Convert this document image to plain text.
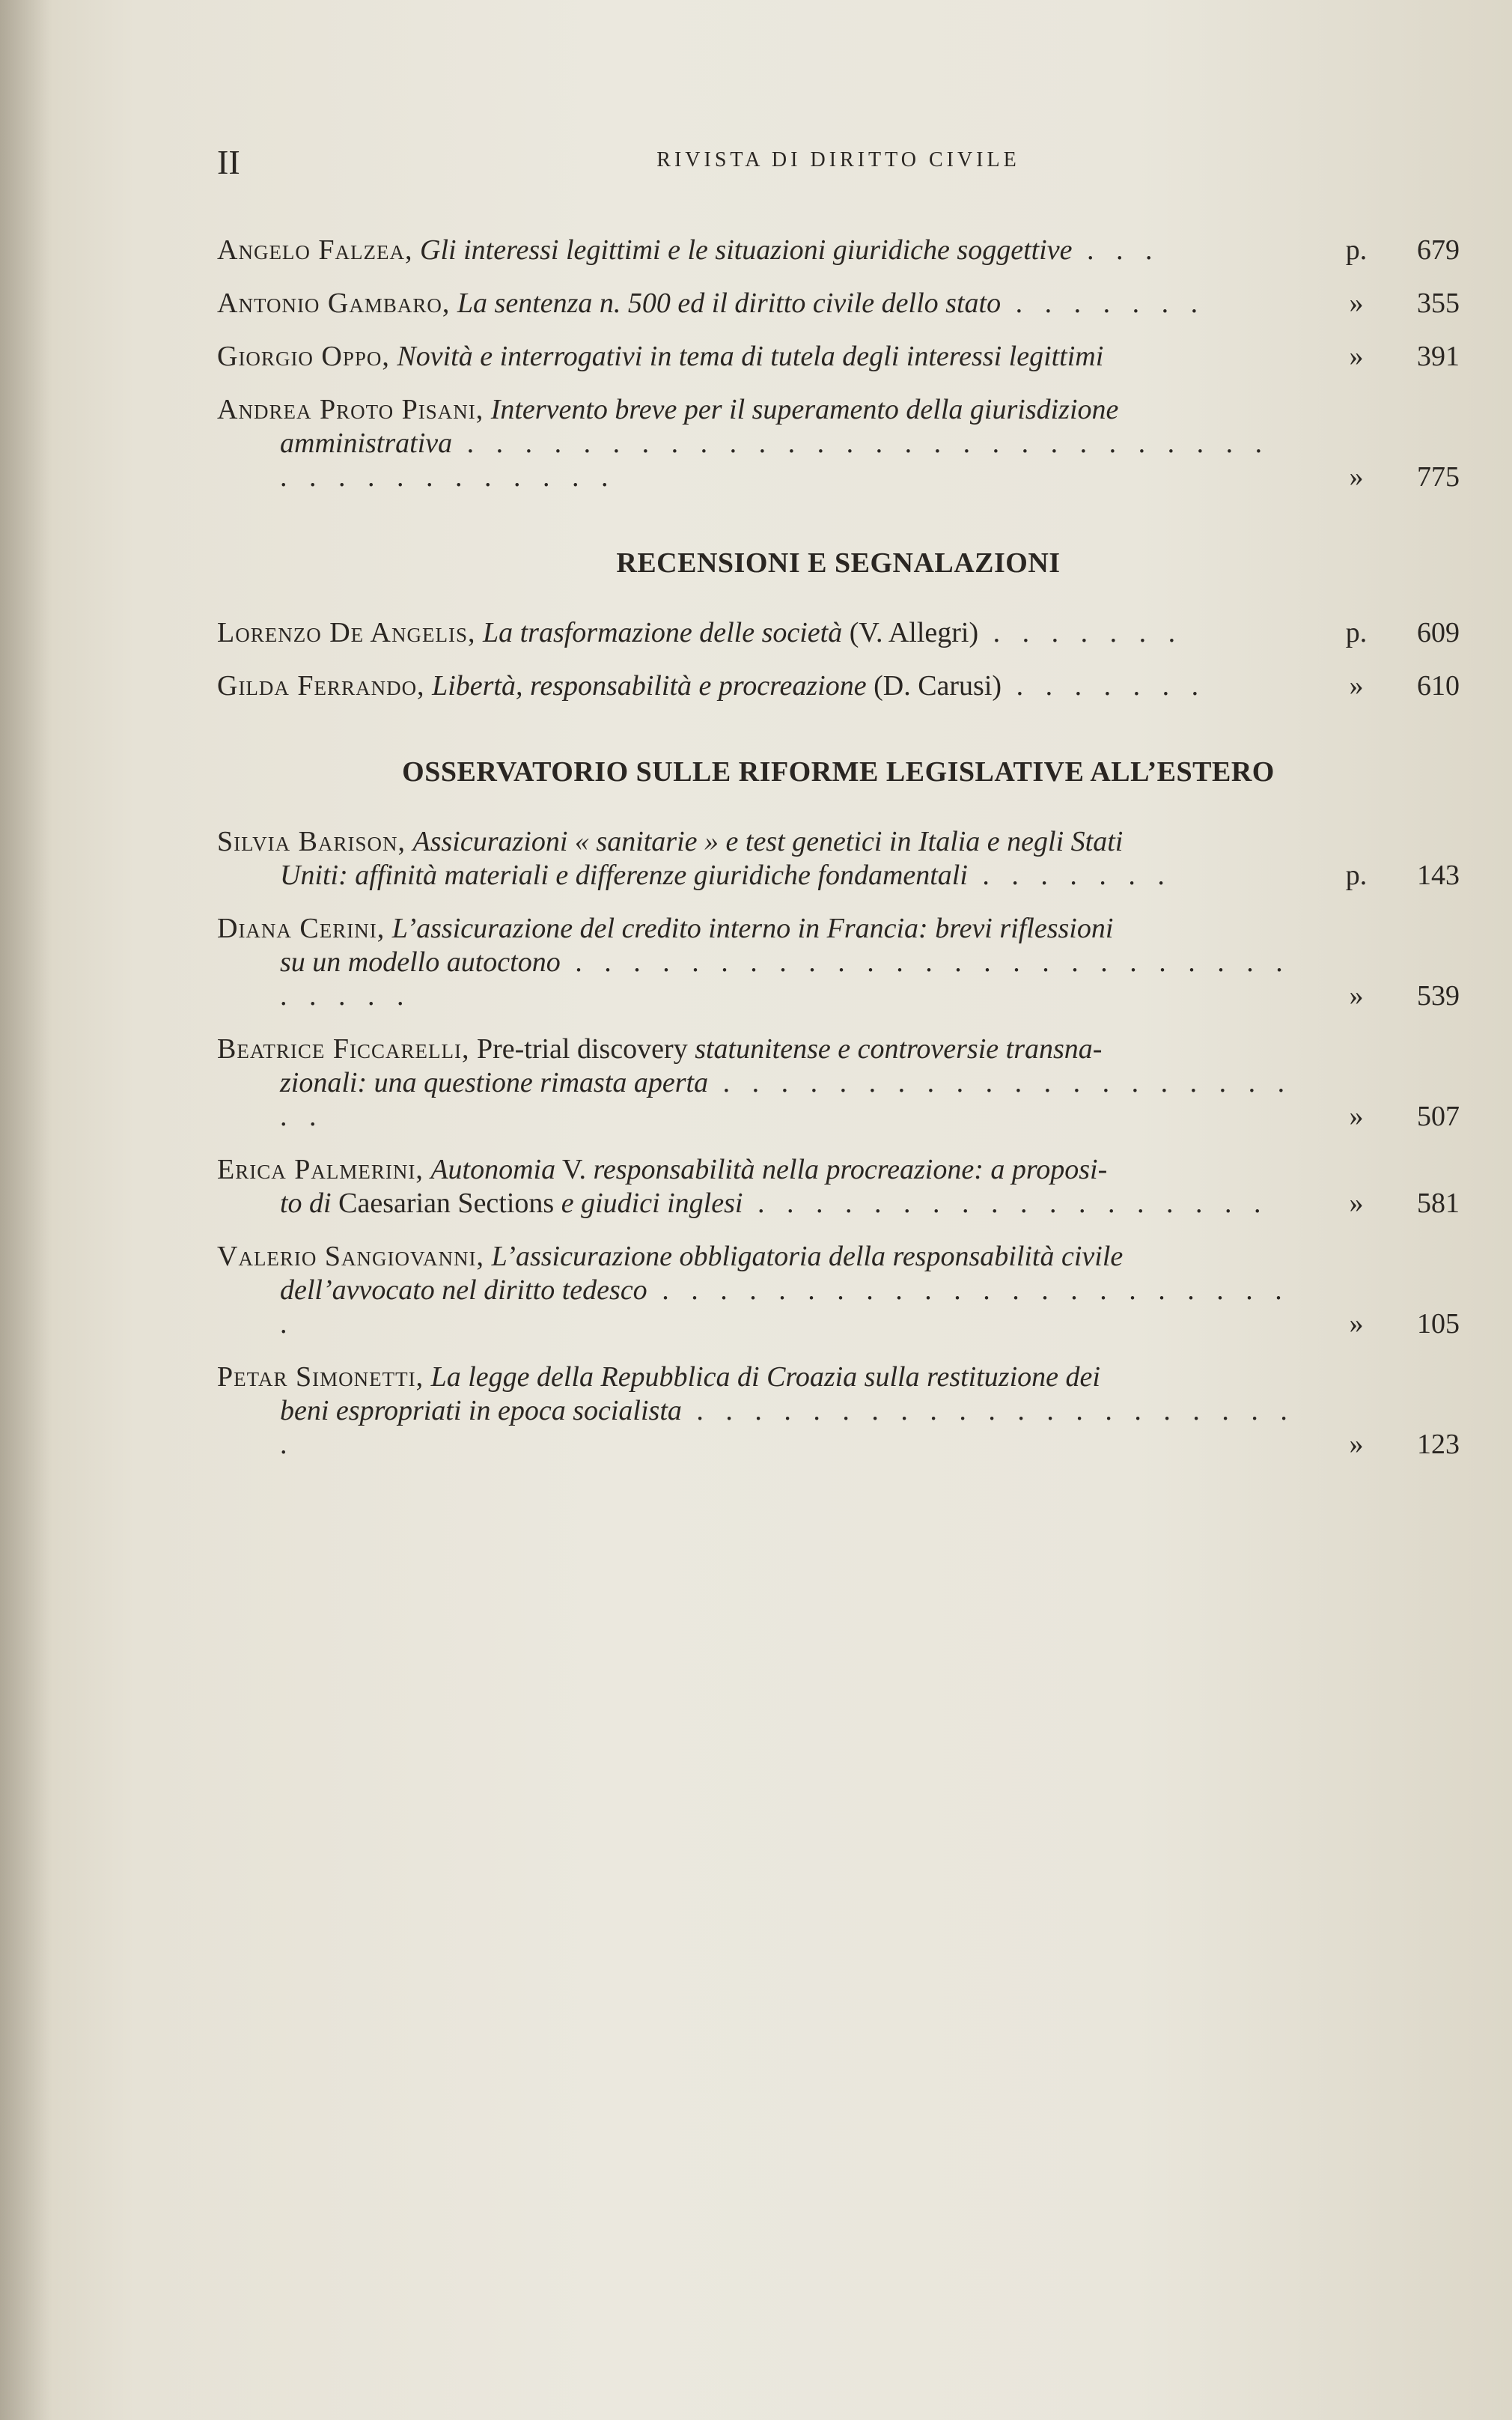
II	RIVISTA DI DIRITTO CIVILE
Angelo Falzea, Gli interessi legittimi e le situazioni giuridiche soggettive . . .	p.	679
Antonio Gambaro, La sentenza n. 500 ed il diritto civile dello stato . . . . . . .	»	355
Giorgio Oppo, Novità e interrogativi in tema di tutela degli interessi legittimi	»	391
Andrea Proto Pisani, Intervento breve per il superamento della giurisdizione
amministrativa . . . . . . . . . . . . . . . . . . . . . . . . . . . . . . . . . . . . . . . .	»	775
RECENSIONI E SEGNALAZIONI
Lorenzo De Angelis, La trasformazione delle società (V. Allegri) . . . . . . .	p.	609
Gilda Ferrando, Libertà, responsabilità e procreazione (D. Carusi) . . . . . . .	»	610
OSSERVATORIO SULLE RIFORME LEGISLATIVE ALL’ESTERO
Silvia Barison, Assicurazioni « sanitarie » e test genetici in Italia e negli Stati
Uniti: affinità materiali e differenze giuridiche fondamentali . . . . . . .	p.	143
Diana Cerini, L’assicurazione del credito interno in Francia: brevi riflessioni
su un modello autoctono . . . . . . . . . . . . . . . . . . . . . . . . . . . . . .	»	539
Beatrice Ficcarelli, Pre-trial discovery statunitense e controversie transna-
zionali: una questione rimasta aperta . . . . . . . . . . . . . . . . . . . . . .	»	507
Erica Palmerini, Autonomia V. responsabilità nella procreazione: a proposi-
to di Caesarian Sections e giudici inglesi . . . . . . . . . . . . . . . . . .	»	581
Valerio Sangiovanni, L’assicurazione obbligatoria della responsabilità civile
dell’avvocato nel diritto tedesco . . . . . . . . . . . . . . . . . . . . . . .	»	105
Petar Simonetti, La legge della Repubblica di Croazia sulla restituzione dei
beni espropriati in epoca socialista . . . . . . . . . . . . . . . . . . . . . .	»	123
